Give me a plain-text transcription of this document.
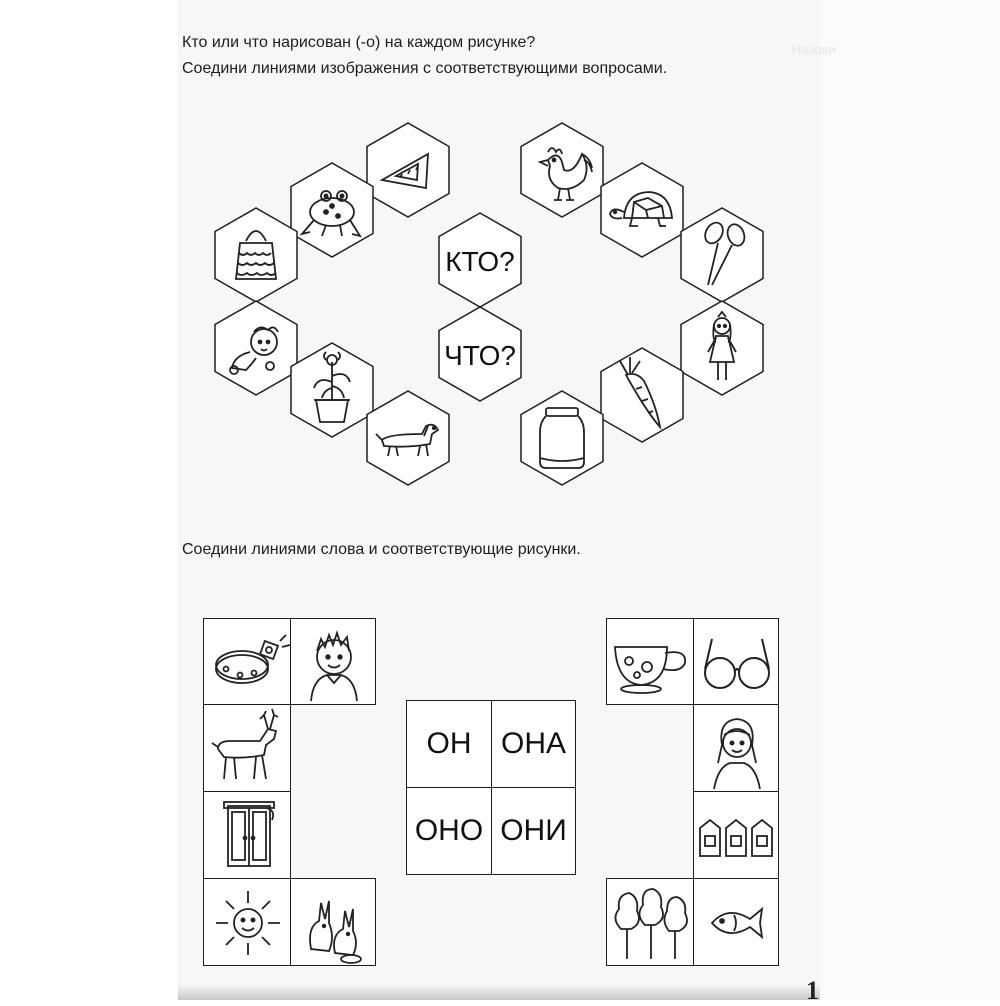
Назови

Кто или что нарисован (-о) на каждом рисунке?

Соедини линиями изображения с соответствующими вопросами.

КТО?
ЧТО?

Соедини линиями слова и соответствующие рисунки.

ОН ОНА
ОНО ОНИ
1
